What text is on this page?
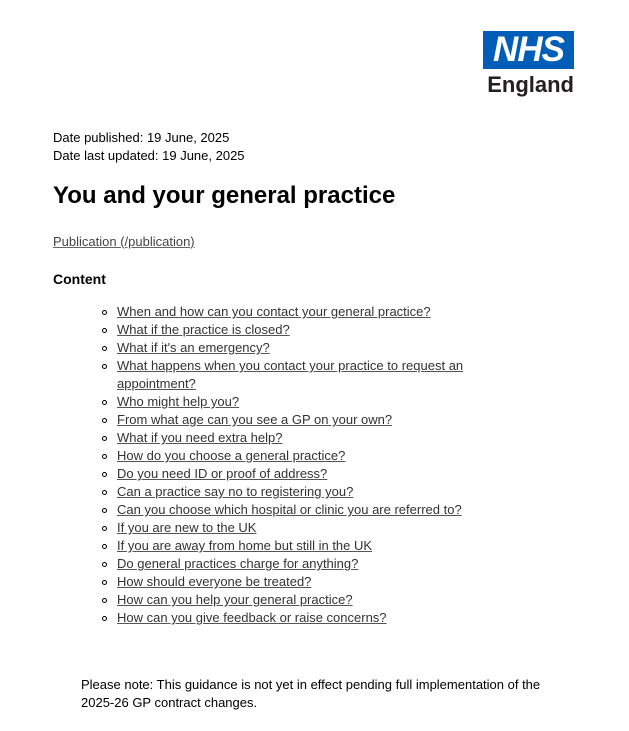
NHS
England
Date published: 19 June, 2025
Date last updated: 19 June, 2025
You and your general practice
Publication (/publication)
Content
When and how can you contact your general practice?
What if the practice is closed?
What if it's an emergency?
What happens when you contact your practice to request an appointment?
Who might help you?
From what age can you see a GP on your own?
What if you need extra help?
How do you choose a general practice?
Do you need ID or proof of address?
Can a practice say no to registering you?
Can you choose which hospital or clinic you are referred to?
If you are new to the UK
If you are away from home but still in the UK
Do general practices charge for anything?
How should everyone be treated?
How can you help your general practice?
How can you give feedback or raise concerns?

Please note: This guidance is not yet in effect pending full implementation of the 2025-26 GP contract changes.
